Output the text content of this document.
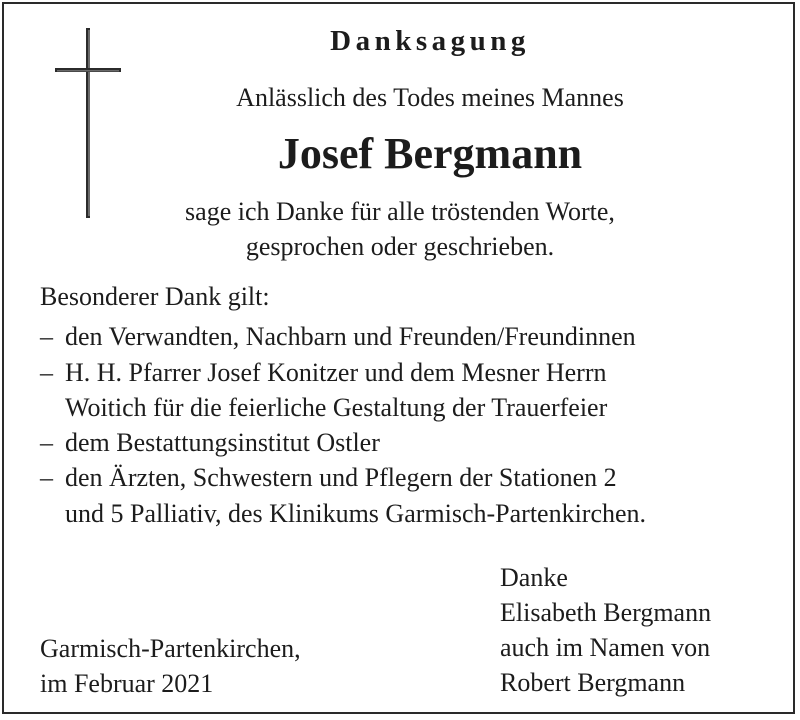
Danksagung
Anlässlich des Todes meines Mannes
Josef Bergmann
sage ich Danke für alle tröstenden Worte,
gesprochen oder geschrieben.
Besonderer Dank gilt:
– den Verwandten, Nachbarn und Freunden/Freundinnen
– H. H. Pfarrer Josef Konitzer und dem Mesner Herrn
Woitich für die feierliche Gestaltung der Trauerfeier
– dem Bestattungsinstitut Ostler
– den Ärzten, Schwestern und Pflegern der Stationen 2
und 5 Palliativ, des Klinikums Garmisch-Partenkirchen.
Garmisch-Partenkirchen,
im Februar 2021
Danke
Elisabeth Bergmann
auch im Namen von
Robert Bergmann
